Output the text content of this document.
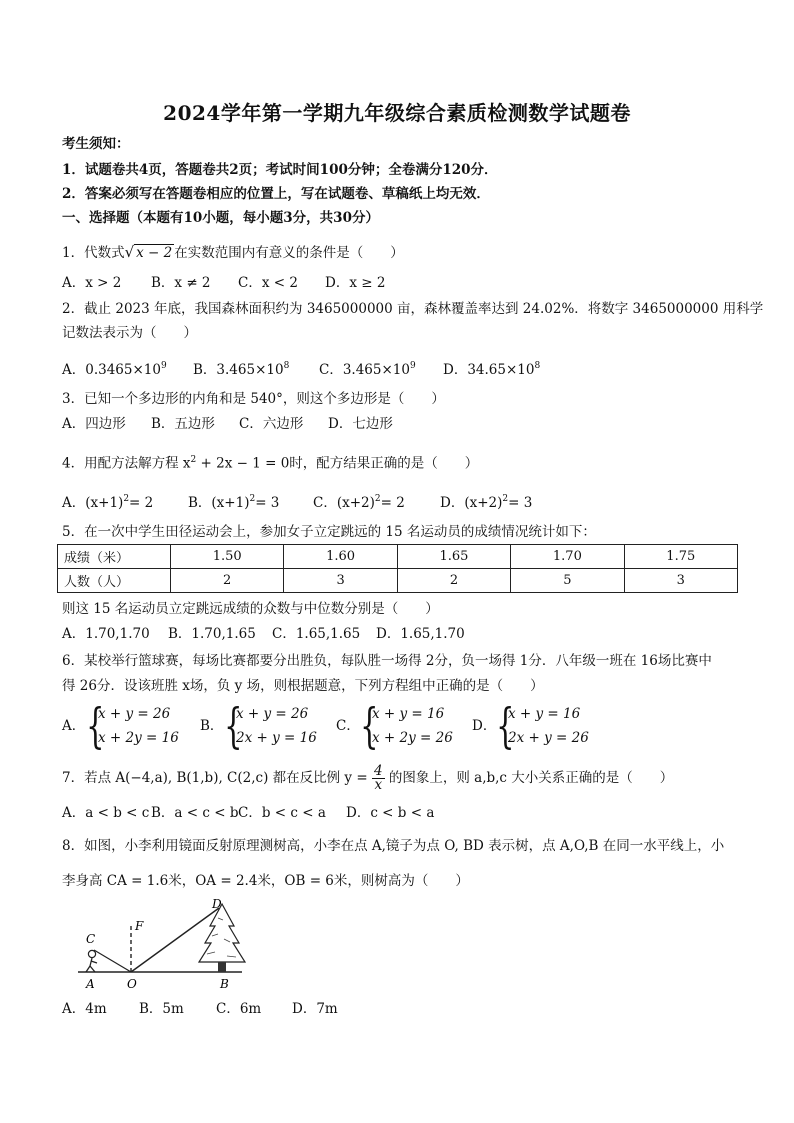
2024学年第一学期九年级综合素质检测数学试题卷
考生须知：
1．试题卷共4页，答题卷共2页；考试时间100分钟；全卷满分120分．
2．答案必须写在答题卷相应的位置上，写在试题卷、草稿纸上均无效．
一、选择题（本题有10小题，每小题3分，共30分）
1．代数式√ x − 2 在实数范围内有意义的条件是（　　）
A．x > 2 B．x ≠ 2 C．x < 2 D．x ≥ 2
2．截止 2023 年底，我国森林面积约为 3465000000 亩，森林覆盖率达到 24.02%．将数字 3465000000 用科学
记数法表示为（　　）
A．$0.3465\times 10^9$ B．$3.465\times 10^8$ C．$3.465\times 10^9$ D．$34.65\times 10^8$
3．已知一个多边形的内角和是 540°，则这个多边形是（　　）
A．四边形 B．五边形 C．六边形 D．七边形
4．用配方法解方程 $x^2 + 2x - 1 = 0$时，配方结果正确的是（　　）
A．$(x+1)^2= 2$	B．$(x+1)^2= 3$ C．$(x+2)^2= 2$	D．$(x+2)^2= 3$
5．在一次中学生田径运动会上，参加女子立定跳远的 15 名运动员的成绩情况统计如下：
成绩（米）	1.50	1.60	1.65	1.70	1.75
人数（人）	2	3	2	5	3
则这 15 名运动员立定跳远成绩的众数与中位数分别是（　　）
A．1.70,1.70 B．1.70,1.65 C．1.65,1.65 D．1.65,1.70
6．某校举行篮球赛，每场比赛都要分出胜负，每队胜一场得 2分，负一场得 1分．八年级一班在 16场比赛中
得 26分．设该班胜 x场，负 y 场，则根据题意，下列方程组中正确的是（　　）
A． {
x + y = 26
x + 2y = 16
B． {
x + y = 26
2x + y = 16
C． {
x + y = 16
x + 2y = 26
D． {
x + y = 16
2x + y = 26
7．若点 A(−4,a), B(1,b), C(2,c) 都在反比例 $y = \frac{4}{x}$ 的图象上，则 a,b,c 大小关系正确的是（　　）
A．a < b < c B．a < c < bC．b < c < a D．c < b < a
8．如图，小李利用镜面反射原理测树高，小李在点 A,镜子为点 O, BD 表示树，点 A,O,B 在同一水平线上，小
李身高 CA = 1.6米，OA = 2.4米，OB = 6米，则树高为（　　）
C
F
D
A	O	B
A．4m B．5m C．6m D．7m
